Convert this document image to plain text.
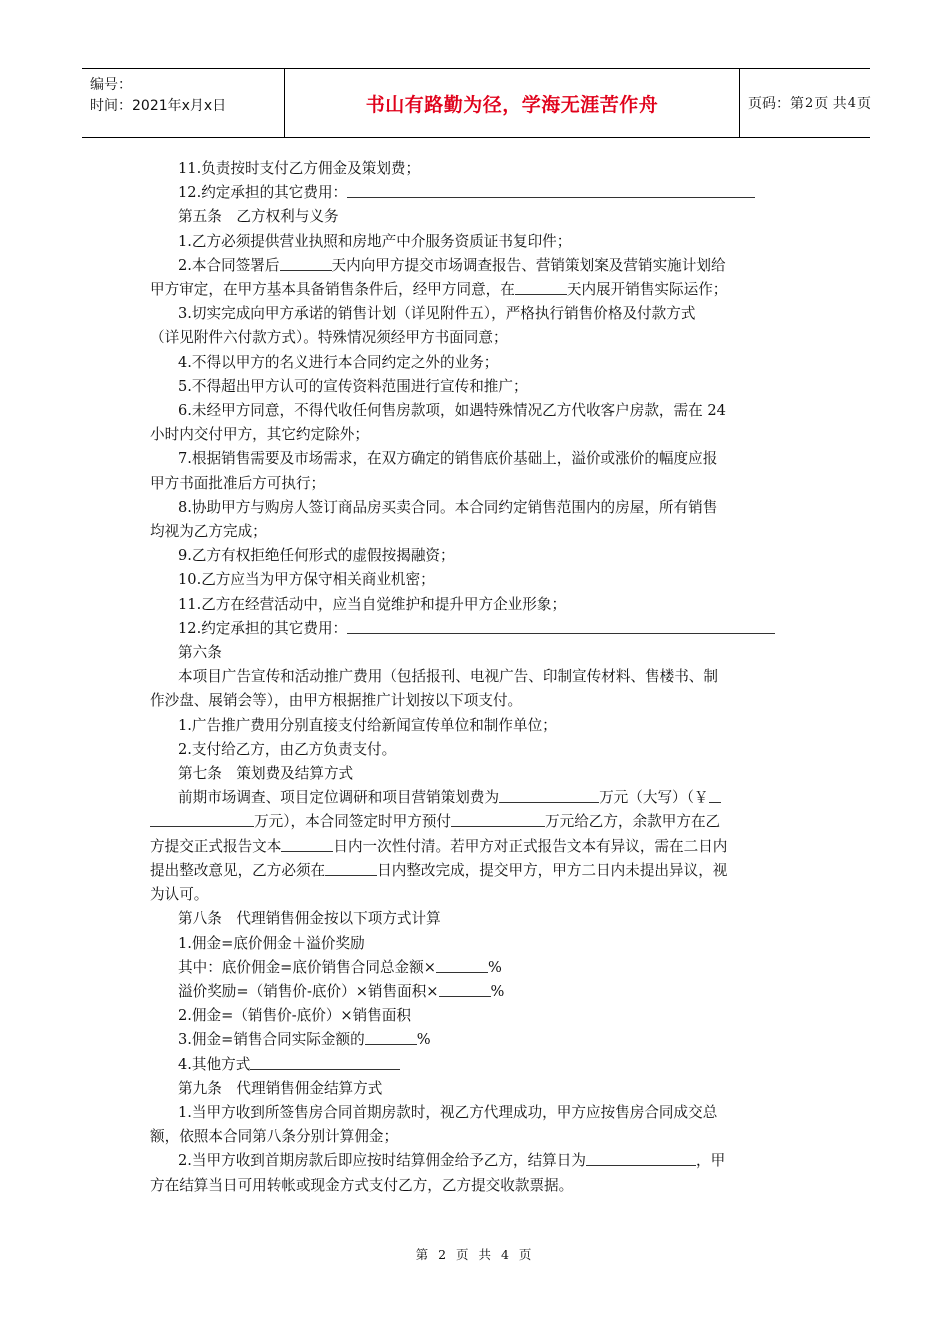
编号：
时间：2021年x月x日	书山有路勤为径，学海无涯苦作舟	页码：第 2 页 共 4 页

11.负责按时支付乙方佣金及策划费；

12.约定承担的其它费用：

第五条　乙方权利与义务

1.乙方必须提供营业执照和房地产中介服务资质证书复印件；

2.本合同签署后	天内向甲方提交市场调查报告、营销策划案及营销实施计划给

甲方审定，在甲方基本具备销售条件后，经甲方同意，在	天内展开销售实际运作；

3.切实完成向甲方承诺的销售计划（详见附件五），严格执行销售价格及付款方式

（详见附件六付款方式）。特殊情况须经甲方书面同意；

4.不得以甲方的名义进行本合同约定之外的业务；

5.不得超出甲方认可的宣传资料范围进行宣传和推广；

6.未经甲方同意，不得代收任何售房款项，如遇特殊情况乙方代收客户房款，需在 24

小时内交付甲方，其它约定除外；

7.根据销售需要及市场需求，在双方确定的销售底价基础上，溢价或涨价的幅度应报

甲方书面批准后方可执行；

8.协助甲方与购房人签订商品房买卖合同。本合同约定销售范围内的房屋，所有销售

均视为乙方完成；

9.乙方有权拒绝任何形式的虚假按揭融资；

10.乙方应当为甲方保守相关商业机密；

11.乙方在经营活动中，应当自觉维护和提升甲方企业形象；

12.约定承担的其它费用：

第六条

本项目广告宣传和活动推广费用（包括报刊、电视广告、印制宣传材料、售楼书、制

作沙盘、展销会等），由甲方根据推广计划按以下项支付。

1.广告推广费用分别直接支付给新闻宣传单位和制作单位；

2.支付给乙方，由乙方负责支付。

第七条　策划费及结算方式

前期市场调查、项目定位调研和项目营销策划费为	万元（大写）（￥

万元），本合同签定时甲方预付	万元给乙方，余款甲方在乙

方提交正式报告文本	日内一次性付清。若甲方对正式报告文本有异议，需在二日内

提出整改意见，乙方必须在	日内整改完成，提交甲方，甲方二日内未提出异议，视

为认可。

第八条　代理销售佣金按以下项方式计算

1.佣金=底价佣金＋溢价奖励

其中：底价佣金=底价销售合同总金额×	%

溢价奖励=（销售价-底价）×销售面积×	%

2.佣金=（销售价-底价）×销售面积

3.佣金=销售合同实际金额的	%

4.其他方式

第九条　代理销售佣金结算方式

1.当甲方收到所签售房合同首期房款时，视乙方代理成功，甲方应按售房合同成交总

额，依照本合同第八条分别计算佣金；

2.当甲方收到首期房款后即应按时结算佣金给予乙方，结算日为	，甲

方在结算当日可用转帐或现金方式支付乙方，乙方提交收款票据。

第 2 页 共 4 页
